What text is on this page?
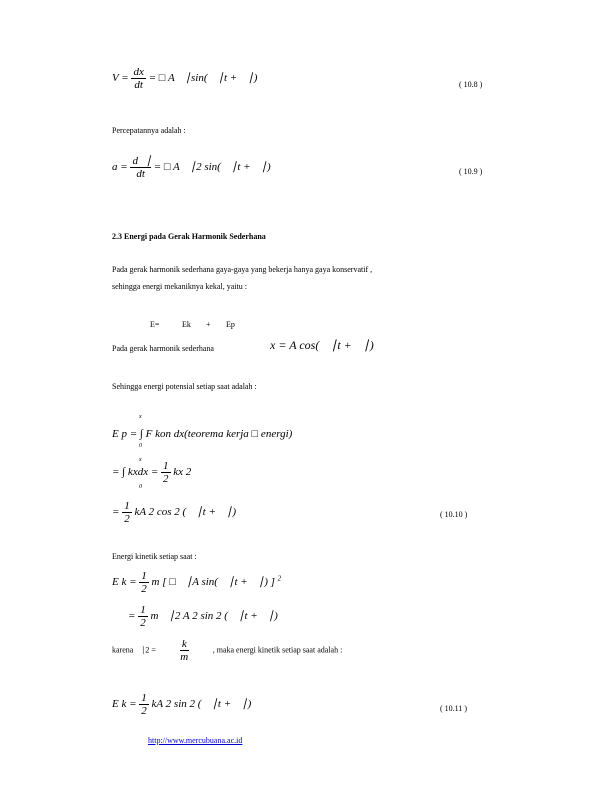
$V = \frac{dx}{dt}$ = □ A ⎹ sin( ⎹ t + ⎹ )
( 10.8 )
Percepatannya adalah :
$a = \frac{d⎹}{dt}$ = □ A ⎹ 2 sin( ⎹ t + ⎹ )	( 10.9 )
2.3 Energi pada Gerak Harmonik Sederhana
Pada gerak harmonik sederhana gaya-gaya yang bekerja hanya gaya konservatif ,
sehingga energi mekaniknya kekal, yaitu :
E=	Ek + Ep
Pada gerak harmonik sederhana	x = A cos( ⎹ t + ⎹ )
Sehingga energi potensial setiap saat adalah :
x
E p = ∫ F kon dx(teorema kerja □ energi)
0
x
= ∫ kxdx = $\frac{1}{2}$ kx 2
0
= $\frac{1}{2}$ kA 2 cos 2 ( ⎹ t + ⎹ )	( 10.10 )
Energi kinetik setiap saat :
E $k = \frac{1}{2}$ m [ □ ⎹ A sin( ⎹ t + ⎹ ) ] $^2$
= $\frac{1}{2}$ m ⎹ 2 A 2 sin 2 ( ⎹ t + ⎹ )
karena ⎹ $2 = \frac{k}{m}$	, maka energi kinetik setiap saat adalah :
E $k = \frac{1}{2}$ kA 2 sin 2 ( ⎹ t + ⎹ )	( 10.11 )
http://www.mercubuana.ac.id
